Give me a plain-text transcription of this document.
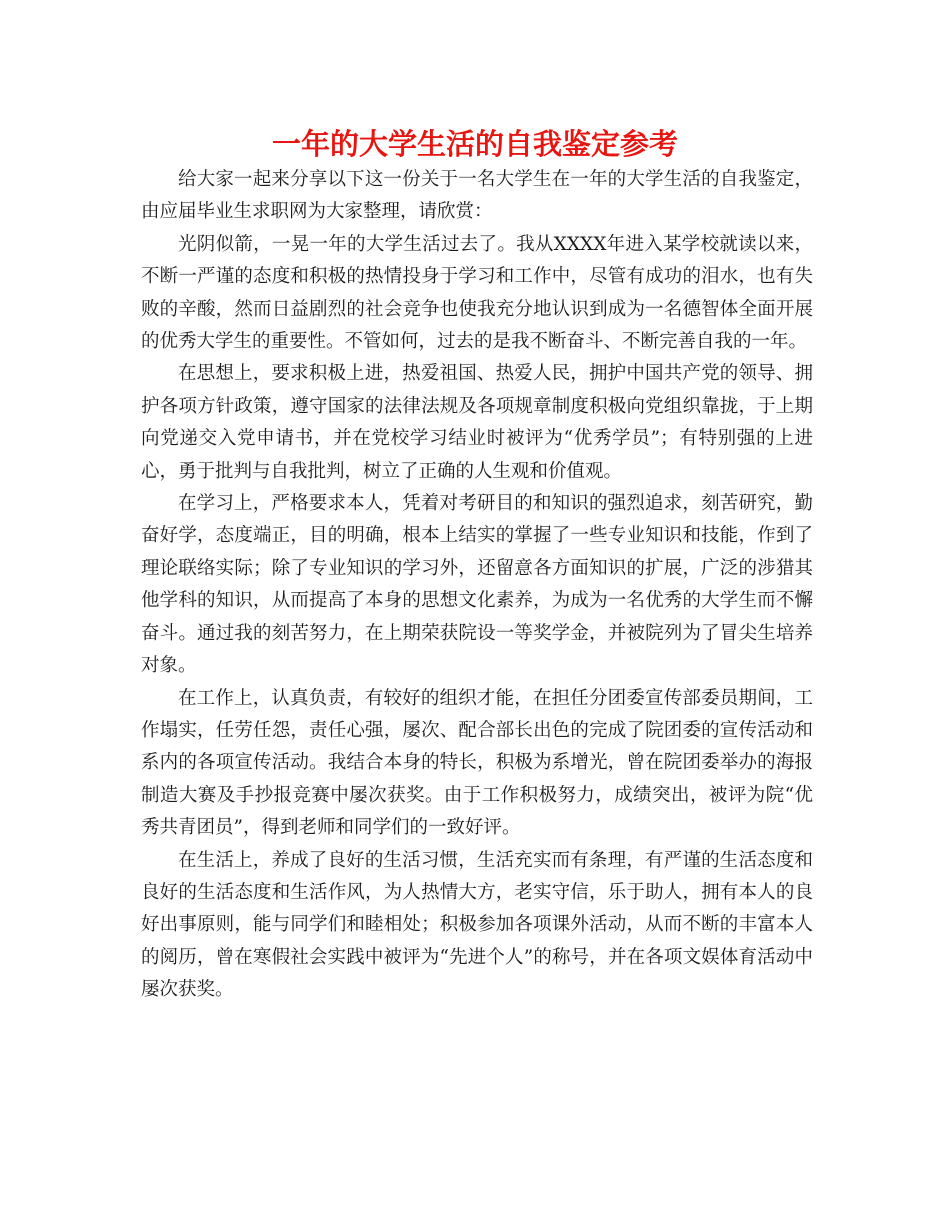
一年的大学生活的自我鉴定参考

给大家一起来分享以下这一份关于一名大学生在一年的大学生活的自我鉴定，由应届毕业生求职网为大家整理，请欣赏：

光阴似箭，一晃一年的大学生活过去了。我从XXXX年进入某学校就读以来，不断一严谨的态度和积极的热情投身于学习和工作中，尽管有成功的泪水，也有失败的辛酸，然而日益剧烈的社会竞争也使我充分地认识到成为一名德智体全面开展的优秀大学生的重要性。不管如何，过去的是我不断奋斗、不断完善自我的一年。

在思想上，要求积极上进，热爱祖国、热爱人民，拥护中国共产党的领导、拥护各项方针政策，遵守国家的法律法规及各项规章制度积极向党组织靠拢，于上期向党递交入党申请书，并在党校学习结业时被评为“优秀学员”；有特别强的上进心，勇于批判与自我批判，树立了正确的人生观和价值观。

在学习上，严格要求本人，凭着对考研目的和知识的强烈追求，刻苦研究，勤奋好学，态度端正，目的明确，根本上结实的掌握了一些专业知识和技能，作到了理论联络实际；除了专业知识的学习外，还留意各方面知识的扩展，广泛的涉猎其他学科的知识，从而提高了本身的思想文化素养，为成为一名优秀的大学生而不懈奋斗。通过我的刻苦努力，在上期荣获院设一等奖学金，并被院列为了冒尖生培养对象。

在工作上，认真负责，有较好的组织才能，在担任分团委宣传部委员期间，工作塌实，任劳任怨，责任心强，屡次、配合部长出色的完成了院团委的宣传活动和系内的各项宣传活动。我结合本身的特长，积极为系增光，曾在院团委举办的海报制造大赛及手抄报竞赛中屡次获奖。由于工作积极努力，成绩突出，被评为院“优秀共青团员”，得到老师和同学们的一致好评。

在生活上，养成了良好的生活习惯，生活充实而有条理，有严谨的生活态度和良好的生活态度和生活作风，为人热情大方，老实守信，乐于助人，拥有本人的良好出事原则，能与同学们和睦相处；积极参加各项课外活动，从而不断的丰富本人的阅历，曾在寒假社会实践中被评为“先进个人”的称号，并在各项文娱体育活动中屡次获奖。
